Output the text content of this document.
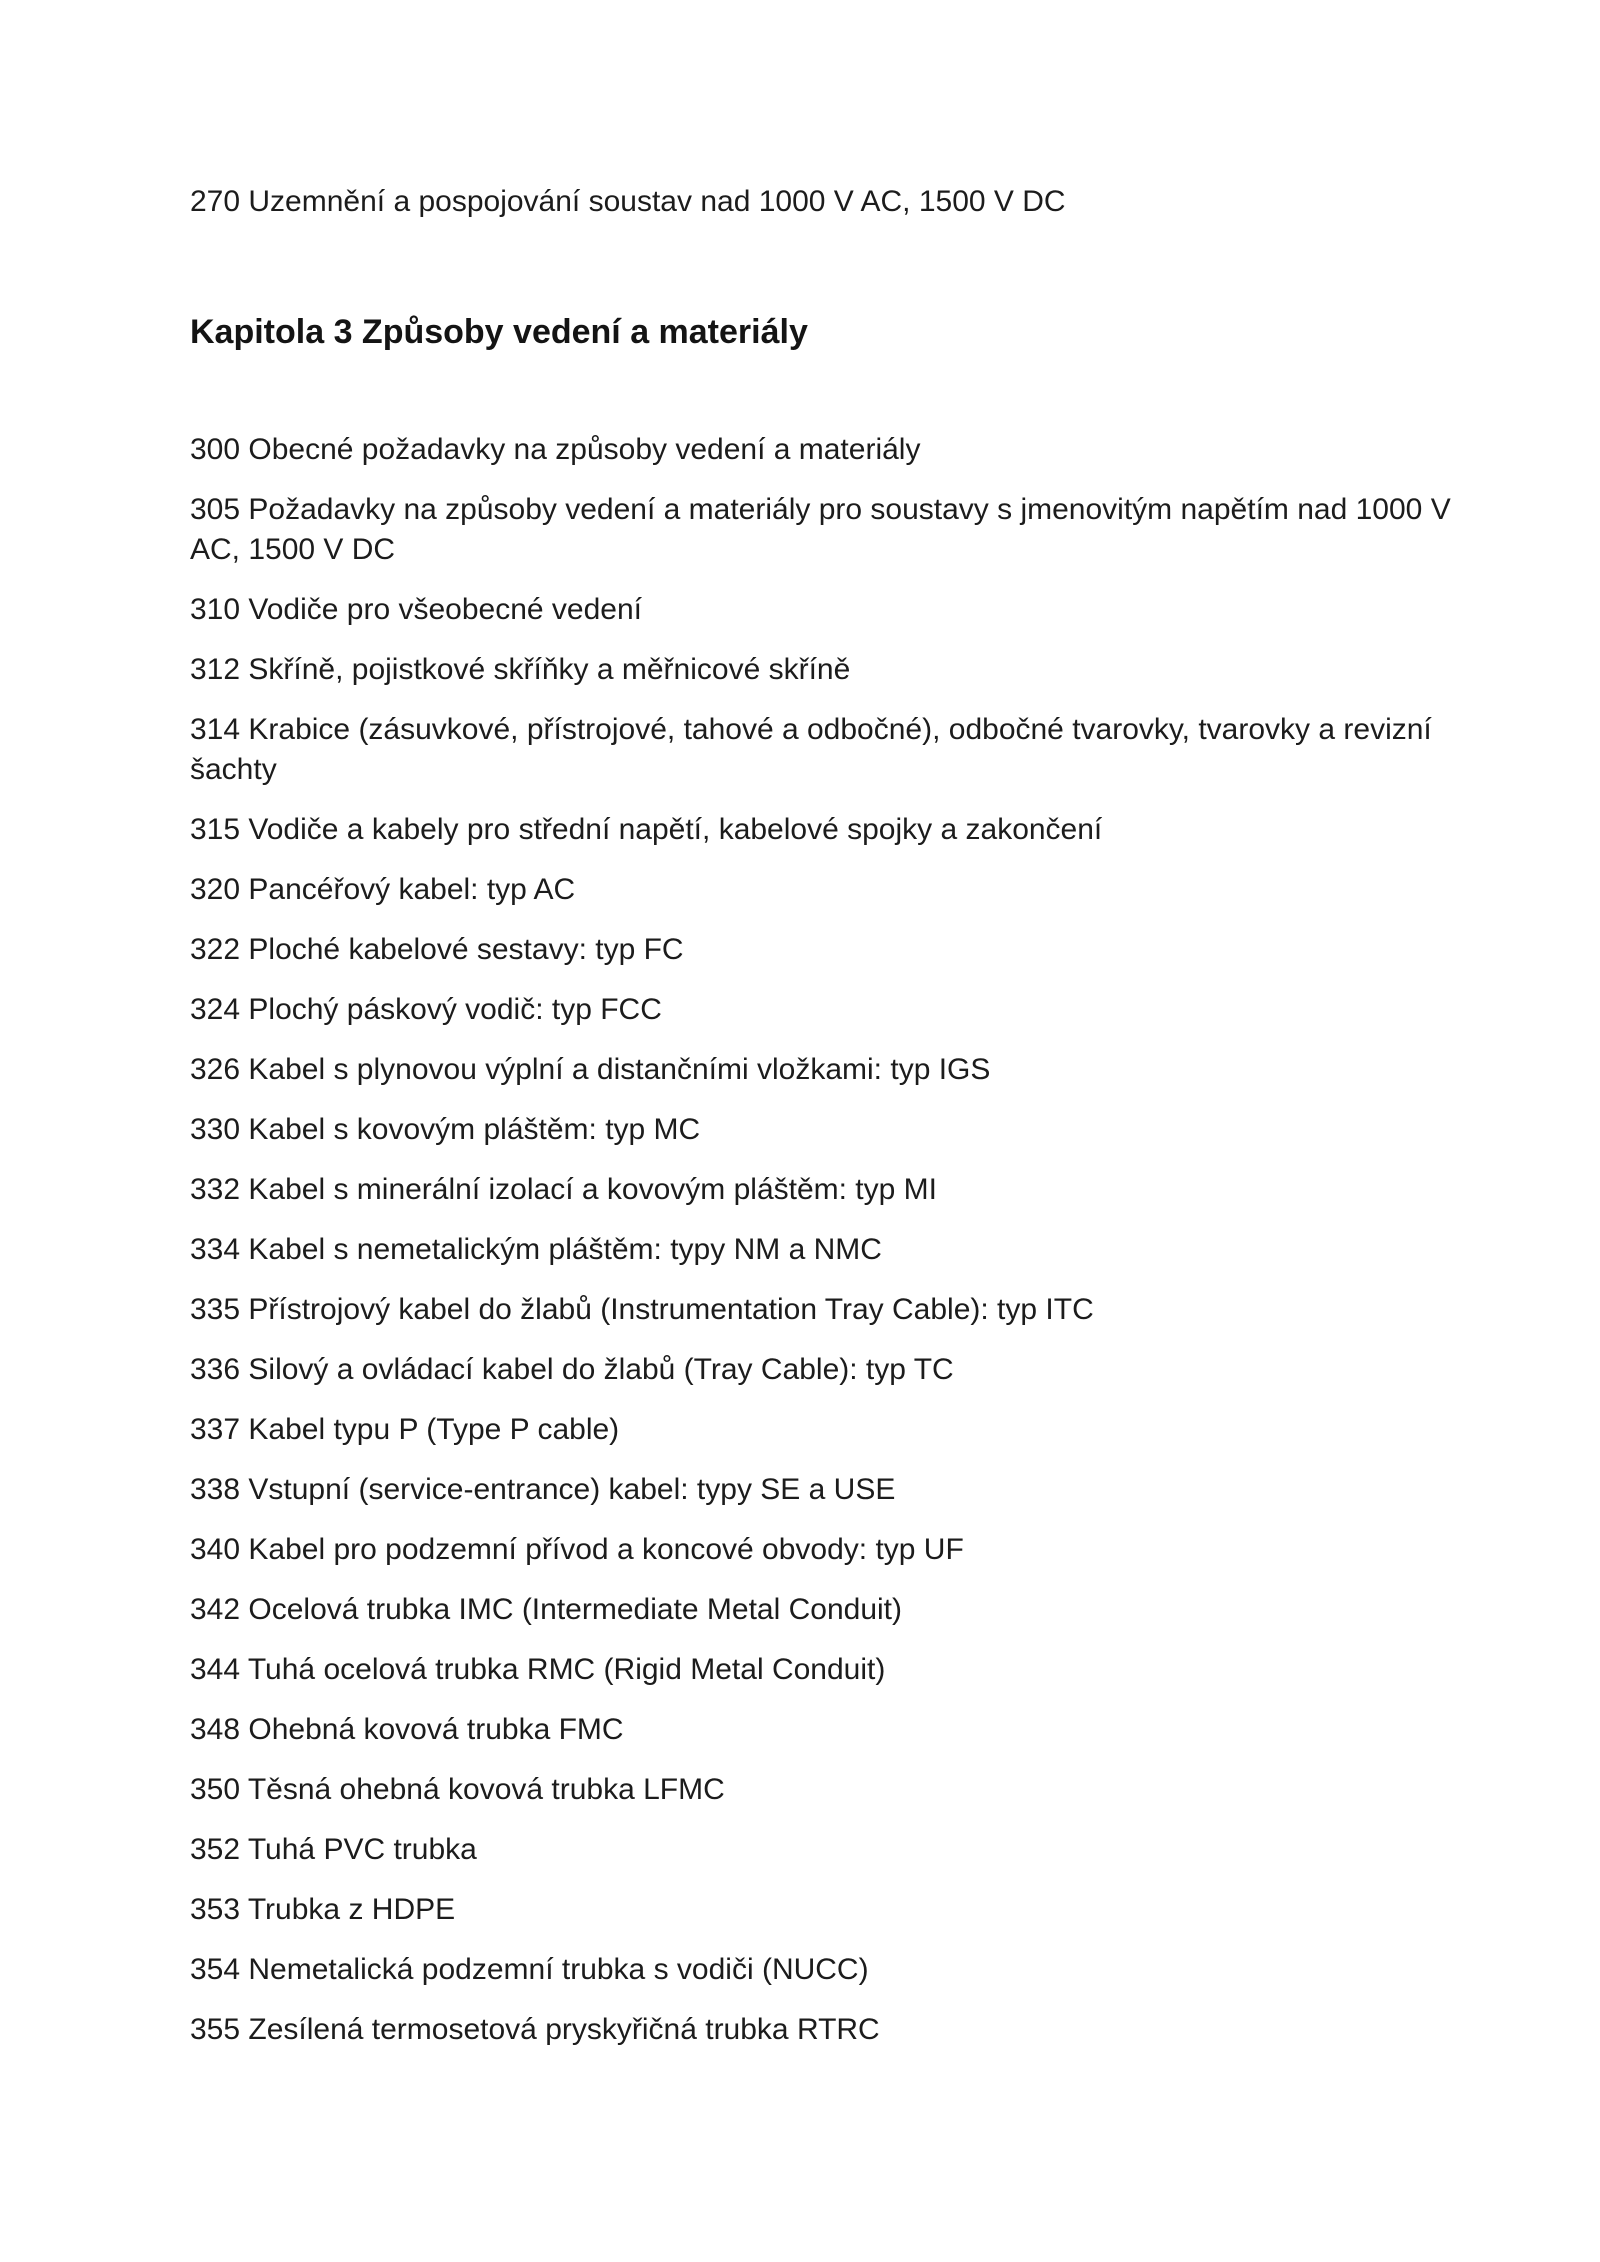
270 Uzemnění a pospojování soustav nad 1000 V AC, 1500 V DC

Kapitola 3 Způsoby vedení a materiály

300 Obecné požadavky na způsoby vedení a materiály

305 Požadavky na způsoby vedení a materiály pro soustavy s jmenovitým napětím nad 1000 V
AC, 1500 V DC

310 Vodiče pro všeobecné vedení

312 Skříně, pojistkové skříňky a měřnicové skříně

314 Krabice (zásuvkové, přístrojové, tahové a odbočné), odbočné tvarovky, tvarovky a revizní
šachty

315 Vodiče a kabely pro střední napětí, kabelové spojky a zakončení

320 Pancéřový kabel: typ AC

322 Ploché kabelové sestavy: typ FC

324 Plochý páskový vodič: typ FCC

326 Kabel s plynovou výplní a distančními vložkami: typ IGS

330 Kabel s kovovým pláštěm: typ MC

332 Kabel s minerální izolací a kovovým pláštěm: typ MI

334 Kabel s nemetalickým pláštěm: typy NM a NMC

335 Přístrojový kabel do žlabů (Instrumentation Tray Cable): typ ITC

336 Silový a ovládací kabel do žlabů (Tray Cable): typ TC

337 Kabel typu P (Type P cable)

338 Vstupní (service-entrance) kabel: typy SE a USE

340 Kabel pro podzemní přívod a koncové obvody: typ UF

342 Ocelová trubka IMC (Intermediate Metal Conduit)

344 Tuhá ocelová trubka RMC (Rigid Metal Conduit)

348 Ohebná kovová trubka FMC

350 Těsná ohebná kovová trubka LFMC

352 Tuhá PVC trubka

353 Trubka z HDPE

354 Nemetalická podzemní trubka s vodiči (NUCC)

355 Zesílená termosetová pryskyřičná trubka RTRC
